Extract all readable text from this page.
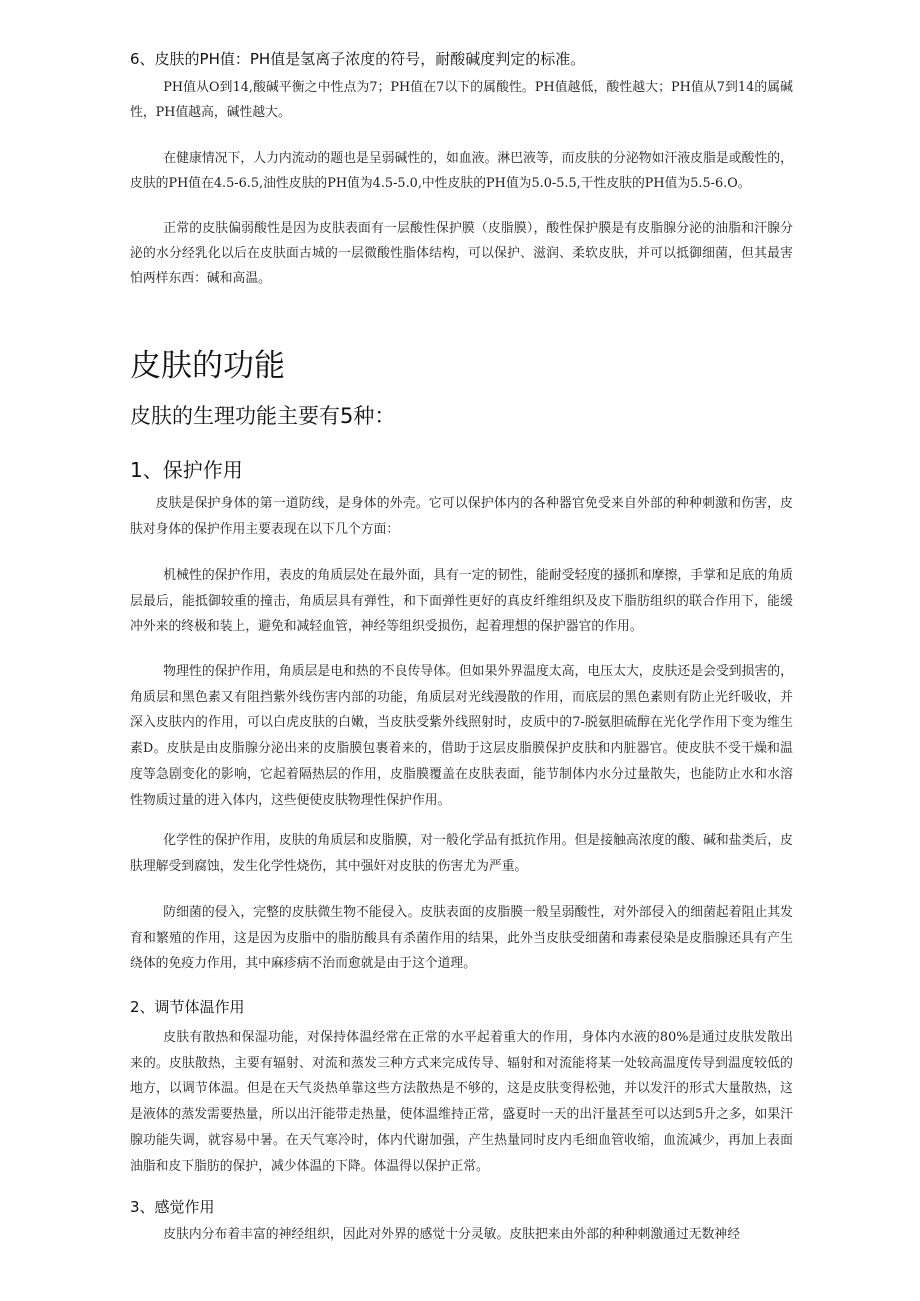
6、皮肤的PH值：PH值是氢离子浓度的符号，耐酸碱度判定的标准。

PH值从O到14,酸碱平衡之中性点为7；PH值在7以下的属酸性。PH值越低，酸性越大；PH值从7到14的属碱性，PH值越高，碱性越大。

在健康情况下，人力内流动的题也是呈弱碱性的，如血液。淋巴液等，而皮肤的分泌物如汗液皮脂是或酸性的，皮肤的PH值在4.5-6.5,油性皮肤的PH值为4.5-5.0,中性皮肤的PH值为5.0-5.5,干性皮肤的PH值为5.5-6.O。

正常的皮肤偏弱酸性是因为皮肤表面有一层酸性保护膜（皮脂膜），酸性保护膜是有皮脂腺分泌的油脂和汗腺分泌的水分经乳化以后在皮肤面古城的一层微酸性脂体结构，可以保护、滋润、柔软皮肤，并可以抵御细菌，但其最害怕两样东西：碱和高温。

皮肤的功能
皮肤的生理功能主要有5种：
1、保护作用

皮肤是保护身体的第一道防线，是身体的外壳。它可以保护体内的各种器官免受来自外部的种种刺激和伤害，皮肤对身体的保护作用主要表现在以下几个方面：

机械性的保护作用，表皮的角质层处在最外面，具有一定的韧性，能耐受轻度的搔抓和摩擦，手掌和足底的角质层最后，能抵御较重的撞击，角质层具有弹性，和下面弹性更好的真皮纤维组织及皮下脂肪组织的联合作用下，能缓冲外来的终极和装上，避免和减轻血管，神经等组织受损伤，起着理想的保护器官的作用。

物理性的保护作用，角质层是电和热的不良传导体。但如果外界温度太高，电压太大，皮肤还是会受到损害的，角质层和黑色素又有阻挡紫外线伤害内部的功能，角质层对光线漫散的作用，而底层的黑色素则有防止光纤吸收，并深入皮肤内的作用，可以白虎皮肤的白嫩，当皮肤受紫外线照射时，皮质中的7-脱氨胆硫醇在光化学作用下变为维生素D。皮肤是由皮脂腺分泌出来的皮脂膜包裹着来的，借助于这层皮脂膜保护皮肤和内脏器官。使皮肤不受干燥和温度等急剧变化的影响，它起着隔热层的作用，皮脂膜覆盖在皮肤表面，能节制体内水分过量散失，也能防止水和水溶性物质过量的进入体内，这些便使皮肤物理性保护作用。

化学性的保护作用，皮肤的角质层和皮脂膜，对一般化学品有抵抗作用。但是接触高浓度的酸、碱和盐类后，皮肤理解受到腐蚀，发生化学性烧伤，其中强奸对皮肤的伤害尤为严重。

防细菌的侵入，完整的皮肤微生物不能侵入。皮肤表面的皮脂膜一般呈弱酸性，对外部侵入的细菌起着阻止其发育和繁殖的作用，这是因为皮脂中的脂肪酸具有杀菌作用的结果，此外当皮肤受细菌和毒素侵染是皮脂腺还具有产生绕体的免疫力作用，其中麻疹病不治而愈就是由于这个道理。

2、调节体温作用

皮肤有散热和保湿功能，对保持体温经常在正常的水平起着重大的作用，身体内水液的80%是通过皮肤发散出来的。皮肤散热，主要有辐射、对流和蒸发三种方式来完成传导、辐射和对流能将某一处较高温度传导到温度较低的地方，以调节体温。但是在天气炎热单靠这些方法散热是不够的，这是皮肤变得松弛，并以发汗的形式大量散热，这是液体的蒸发需要热量，所以出汗能带走热量，使体温维持正常，盛夏时一天的出汗量甚至可以达到5升之多，如果汗腺功能失调，就容易中暑。在天气寒冷时，体内代谢加强，产生热量同时皮内毛细血管收缩，血流减少，再加上表面油脂和皮下脂肪的保护，减少体温的下降。体温得以保护正常。

3、感觉作用

皮肤内分布着丰富的神经组织，因此对外界的感觉十分灵敏。皮肤把来由外部的种种刺激通过无数神经
